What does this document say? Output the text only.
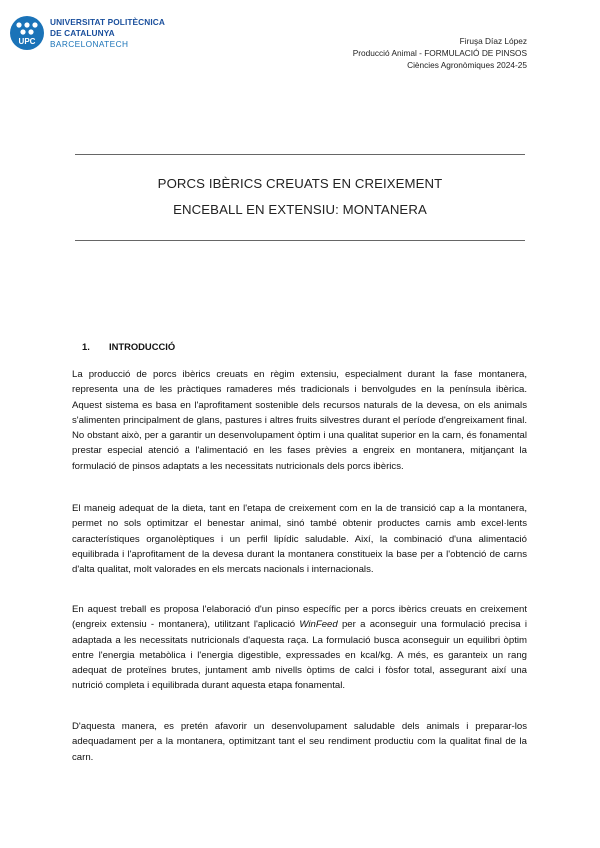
UPC
UNIVERSITAT POLITÈCNICA
DE CATALUNYA
BARCELONATECH	Firuşa Díaz López
Producció Animal - FORMULACIÓ DE PINSOS
Ciències Agronòmiques 2024-25
PORCS IBÈRICS CREUATS EN CREIXEMENT
ENCEBALL EN EXTENSIU: MONTANERA
1. INTRODUCCIÓ

La producció de porcs ibèrics creuats en règim extensiu, especialment durant la fase montanera, representa una de les pràctiques ramaderes més tradicionals i benvolgudes en la península ibèrica. Aquest sistema es basa en l'aprofitament sostenible dels recursos naturals de la devesa, on els animals s'alimenten principalment de glans, pastures i altres fruits silvestres durant el període d'engreixament final. No obstant això, per a garantir un desenvolupament òptim i una qualitat superior en la carn, és fonamental prestar especial atenció a l'alimentació en les fases prèvies a engreix en montanera, mitjançant la formulació de pinsos adaptats a les necessitats nutricionals dels porcs ibèrics.

El maneig adequat de la dieta, tant en l'etapa de creixement com en la de transició cap a la montanera, permet no sols optimitzar el benestar animal, sinó també obtenir productes carnis amb excel·lents característiques organolèptiques i un perfil lipídic saludable. Així, la combinació d'una alimentació equilibrada i l'aprofitament de la devesa durant la montanera constitueix la base per a l'obtenció de carns d'alta qualitat, molt valorades en els mercats nacionals i internacionals.

En aquest treball es proposa l'elaboració d'un pinso específic per a porcs ibèrics creuats en creixement (engreix extensiu - montanera), utilitzant l'aplicació WinFeed per a aconseguir una formulació precisa i adaptada a les necessitats nutricionals d'aquesta raça. La formulació busca aconseguir un equilibri òptim entre l'energia metabòlica i l'energia digestible, expressades en kcal/kg. A més, es garanteix un rang adequat de proteïnes brutes, juntament amb nivells òptims de calci i fòsfor total, assegurant així una nutrició completa i equilibrada durant aquesta etapa fonamental.

D'aquesta manera, es pretén afavorir un desenvolupament saludable dels animals i preparar-los adequadament per a la montanera, optimitzant tant el seu rendiment productiu com la qualitat final de la carn.
